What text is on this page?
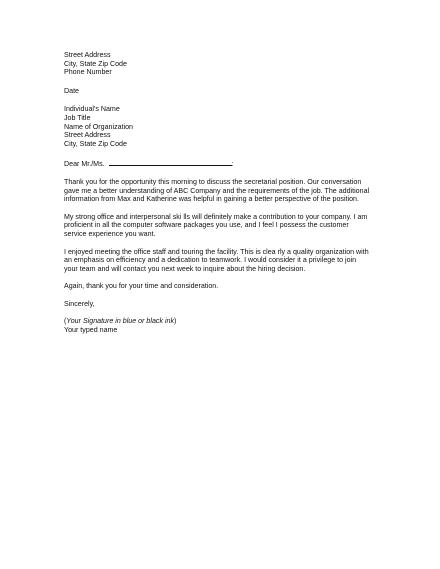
Street Address
City, State Zip Code
Phone Number
Date
Individual's Name
Job Title
Name of Organization
Street Address
City, State Zip Code
Dear Mr./Ms.	:
Thank you for the opportunity this morning to discuss the secretarial position. Our conversation
gave me a better understanding of ABC Company and the requirements of the job. The additional
information from Max and Katherine was helpful in gaining a better perspective of the position.
My strong office and interpersonal ski lls will definitely make a contribution to your company. I am
proficient in all the computer software packages you use, and I feel I possess the customer
service experience you want.
I enjoyed meeting the office staff and touring the facility. This is clea rly a quality organization with
an emphasis on efficiency and a dedication to teamwork. I would consider it a privilege to join
your team and will contact you next week to inquire about the hiring decision.
Again, thank you for your time and consideration.
Sincerely,
(Your Signature in blue or black ink)
Your typed name
